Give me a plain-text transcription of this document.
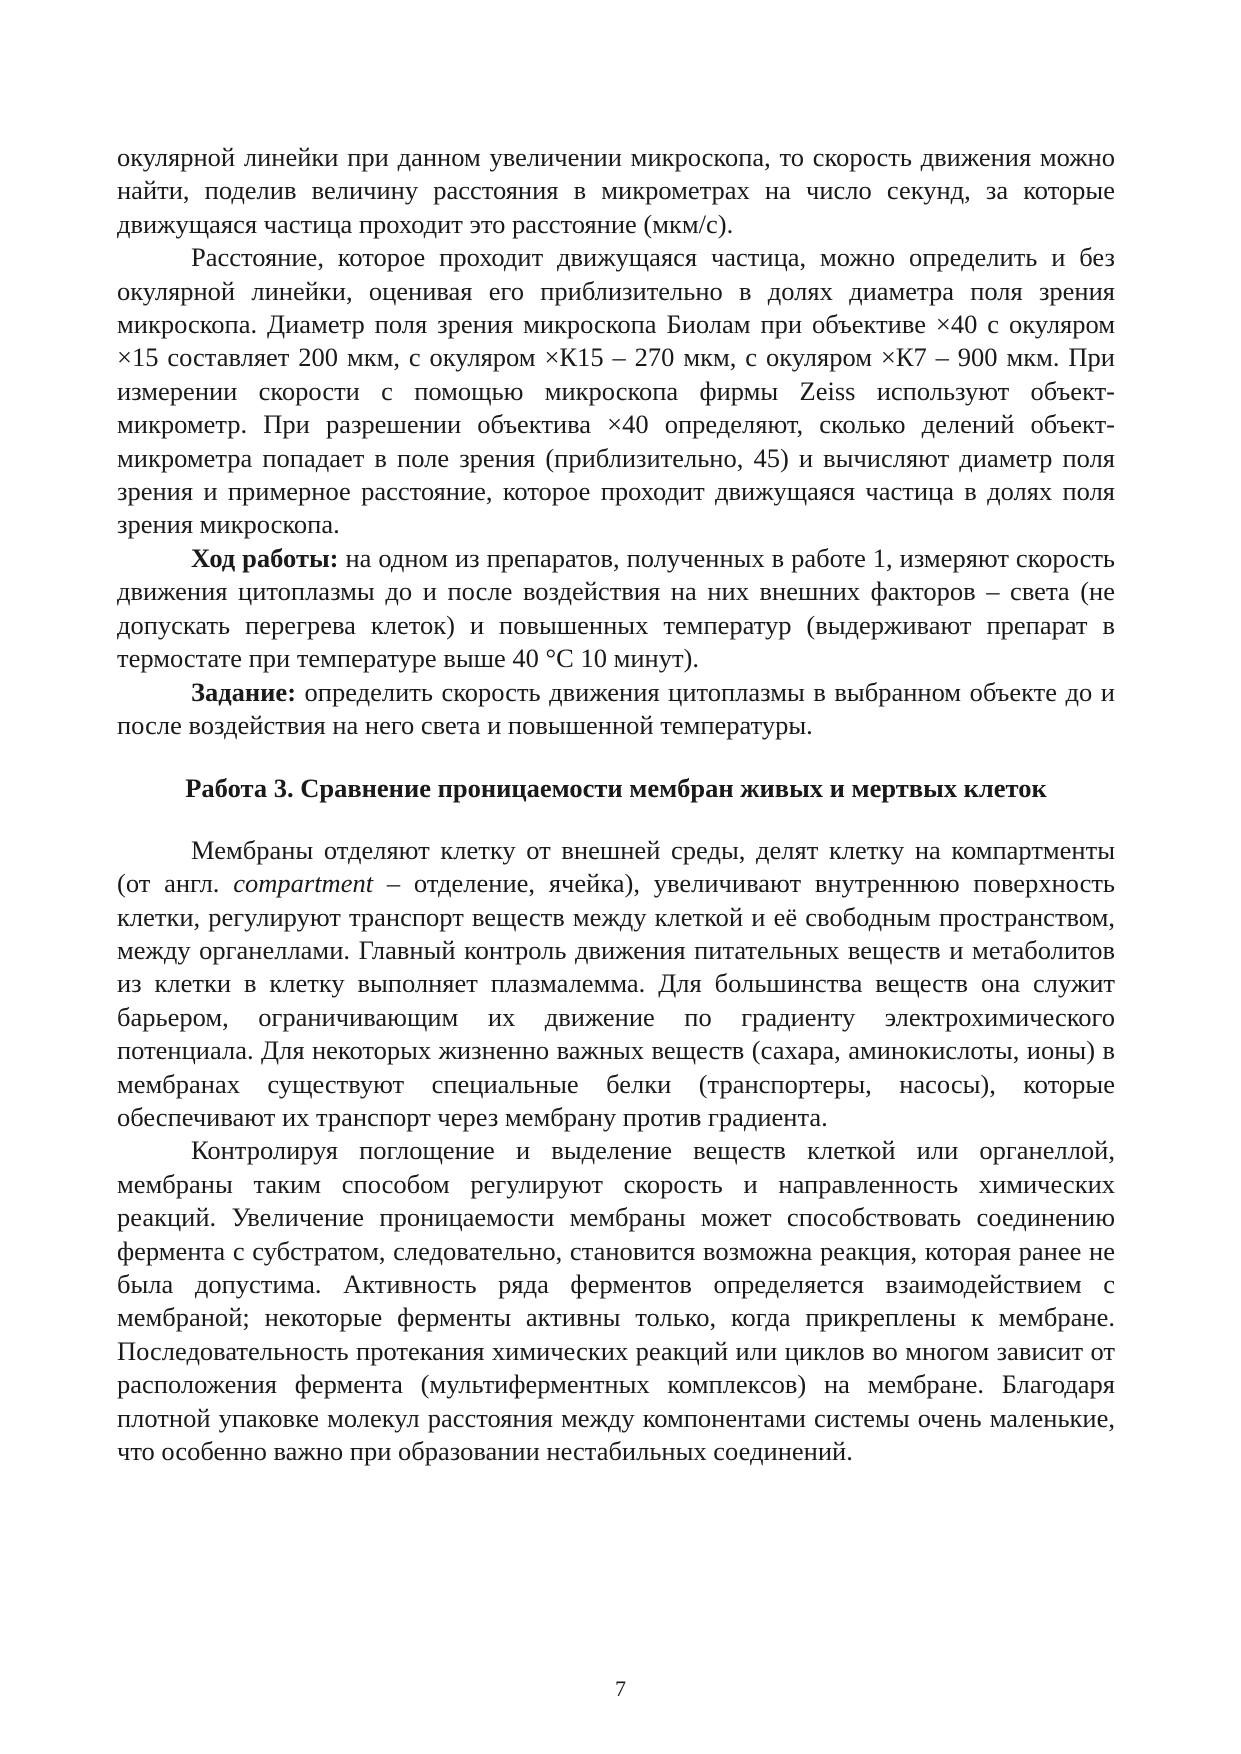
окулярной линейки при данном увеличении микроскопа, то скорость движения можно найти, поделив величину расстояния в микрометрах на число секунд, за которые движущаяся частица проходит это расстояние (мкм/с).

Расстояние, которое проходит движущаяся частица, можно определить и без окулярной линейки, оценивая его приблизительно в долях диаметра поля зрения микроскопа. Диаметр поля зрения микроскопа Биолам при объективе ×40 с окуляром ×15 составляет 200 мкм, с окуляром ×К15 – 270 мкм, с окуляром ×К7 – 900 мкм. При измерении скорости с помощью микроскопа фирмы Zeiss используют объект-микрометр. При разрешении объектива ×40 определяют, сколько делений объект-микрометра попадает в поле зрения (приблизительно, 45) и вычисляют диаметр поля зрения и примерное расстояние, которое проходит движущаяся частица в долях поля зрения микроскопа.

Ход работы: на одном из препаратов, полученных в работе 1, измеряют скорость движения цитоплазмы до и после воздействия на них внешних факторов – света (не допускать перегрева клеток) и повышенных температур (выдерживают препарат в термостате при температуре выше 40 °С 10 минут).

Задание: определить скорость движения цитоплазмы в выбранном объекте до и после воздействия на него света и повышенной температуры.

Работа 3. Сравнение проницаемости мембран живых и мертвых клеток

Мембраны отделяют клетку от внешней среды, делят клетку на компартменты (от англ. compartment – отделение, ячейка), увеличивают внутреннюю поверхность клетки, регулируют транспорт веществ между клеткой и её свободным пространством, между органеллами. Главный контроль движения питательных веществ и метаболитов из клетки в клетку выполняет плазмалемма. Для большинства веществ она служит барьером, ограничивающим их движение по градиенту электрохимического потенциала. Для некоторых жизненно важных веществ (сахара, аминокислоты, ионы) в мембранах существуют специальные белки (транспортеры, насосы), которые обеспечивают их транспорт через мембрану против градиента.

Контролируя поглощение и выделение веществ клеткой или органеллой, мембраны таким способом регулируют скорость и направленность химических реакций. Увеличение проницаемости мембраны может способствовать соединению фермента с субстратом, следовательно, становится возможна реакция, которая ранее не была допустима. Активность ряда ферментов определяется взаимодействием с мембраной; некоторые ферменты активны только, когда прикреплены к мембране. Последовательность протекания химических реакций или циклов во многом зависит от расположения фермента (мультиферментных комплексов) на мембране. Благодаря плотной упаковке молекул расстояния между компонентами системы очень маленькие, что особенно важно при образовании нестабильных соединений.

7
